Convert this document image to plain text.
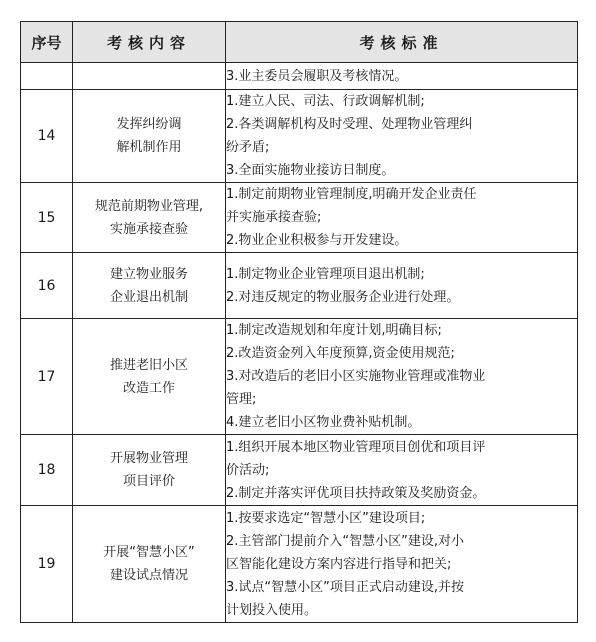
序号	考核内容	考核标准

		3.业主委员会履职及考核情况。

14	发挥纠纷调
解机制作用	1.建立人民、司法、行政调解机制;
2.各类调解机构及时受理、处理物业管理纠
纷矛盾;
3.全面实施物业接访日制度。

15	规范前期物业管理,
实施承接查验	1.制定前期物业管理制度,明确开发企业责任
并实施承接查验;
2.物业企业积极参与开发建设。

16	建立物业服务
企业退出机制	1.制定物业企业管理项目退出机制;
2.对违反规定的物业服务企业进行处理。

17	推进老旧小区
改造工作	1.制定改造规划和年度计划,明确目标;
2.改造资金列入年度预算,资金使用规范;
3.对改造后的老旧小区实施物业管理或准物业
管理;
4.建立老旧小区物业费补贴机制。

18	开展物业管理
项目评价	1.组织开展本地区物业管理项目创优和项目评
价活动;
2.制定并落实评优项目扶持政策及奖励资金。

19	开展“智慧小区”
建设试点情况	1.按要求选定“智慧小区”建设项目;
2.主管部门提前介入“智慧小区”建设,对小
区智能化建设方案内容进行指导和把关;
3.试点“智慧小区”项目正式启动建设,并按
计划投入使用。
